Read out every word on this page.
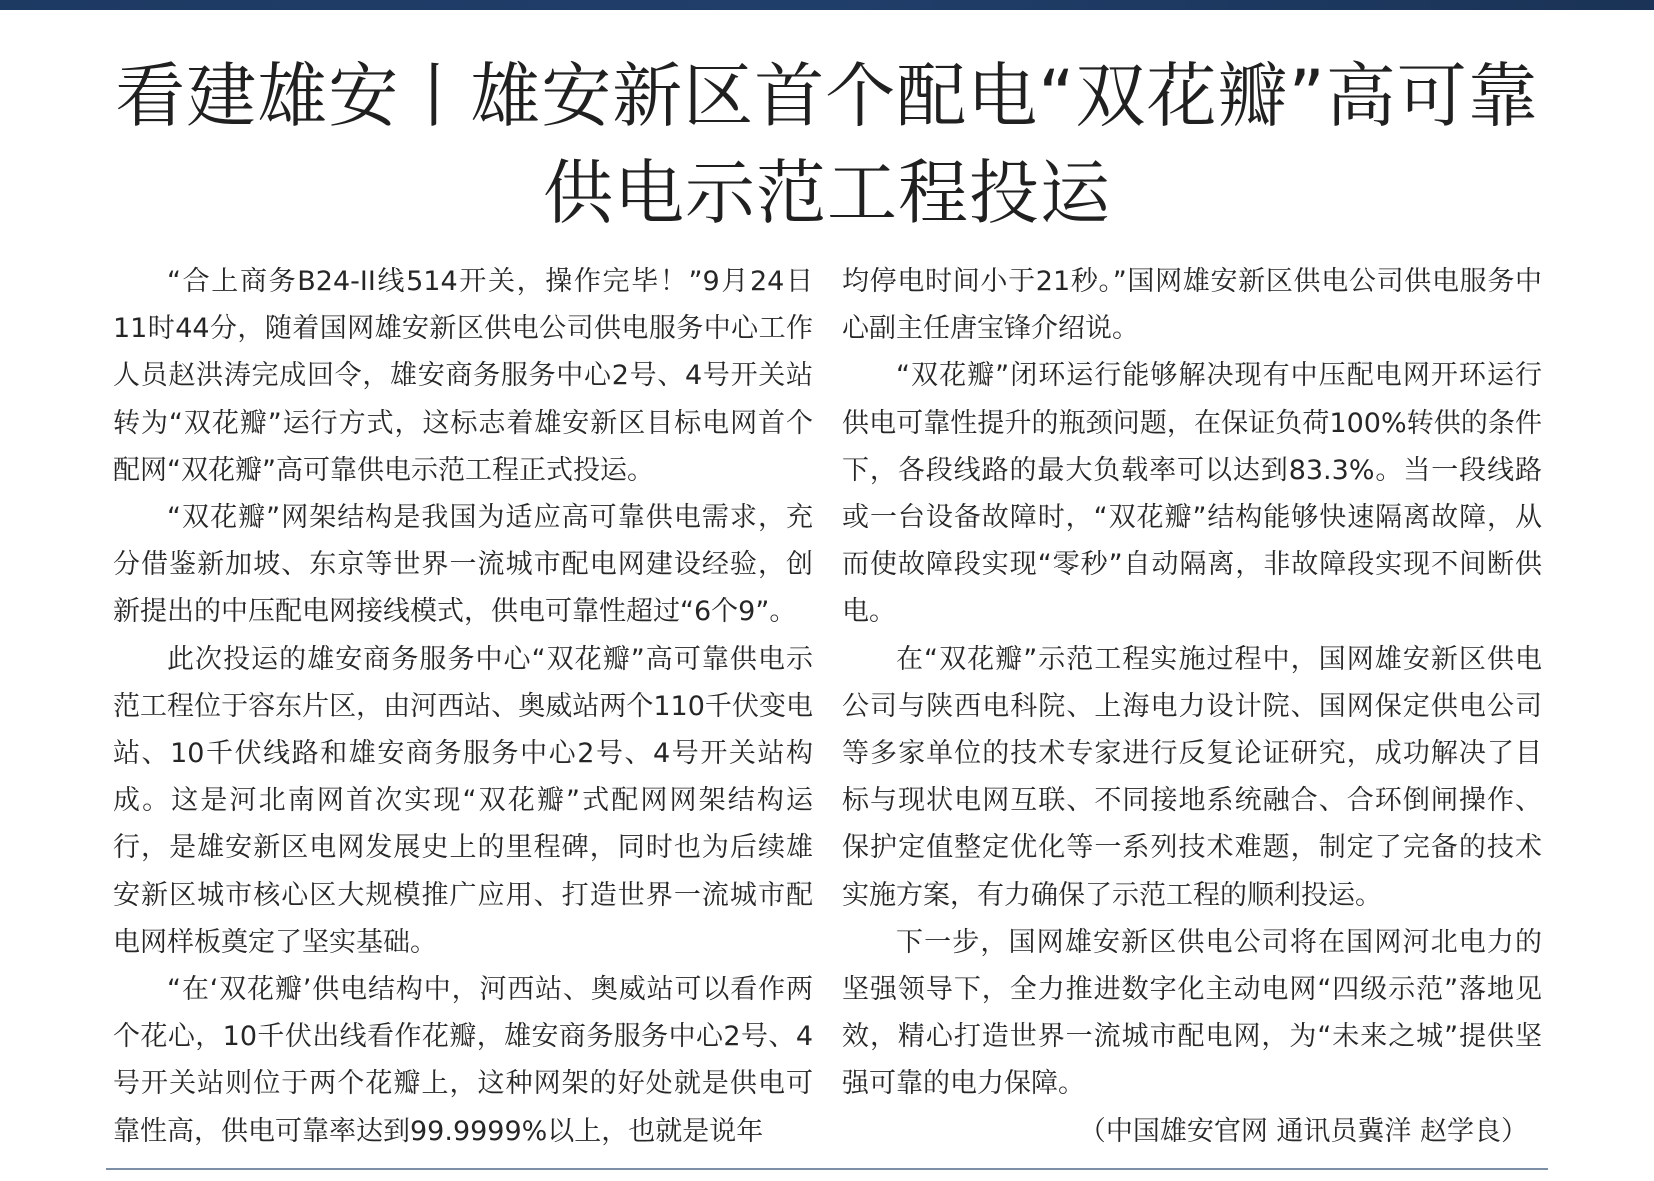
看建雄安丨雄安新区首个配电“双花瓣”高可靠
供电示范工程投运

“合上商务B24-II线514开关，操作完毕！”9月24日11时44分，随着国网雄安新区供电公司供电服务中心工作人员赵洪涛完成回令，雄安商务服务中心2号、4号开关站转为“双花瓣”运行方式，这标志着雄安新区目标电网首个配网“双花瓣”高可靠供电示范工程正式投运。

“双花瓣”网架结构是我国为适应高可靠供电需求，充分借鉴新加坡、东京等世界一流城市配电网建设经验，创新提出的中压配电网接线模式，供电可靠性超过“6个9”。

此次投运的雄安商务服务中心“双花瓣”高可靠供电示范工程位于容东片区，由河西站、奥威站两个110千伏变电站、10千伏线路和雄安商务服务中心2号、4号开关站构成。这是河北南网首次实现“双花瓣”式配网网架结构运行，是雄安新区电网发展史上的里程碑，同时也为后续雄安新区城市核心区大规模推广应用、打造世界一流城市配电网样板奠定了坚实基础。

“在‘双花瓣’供电结构中，河西站、奥威站可以看作两个花心，10千伏出线看作花瓣，雄安商务服务中心2号、4号开关站则位于两个花瓣上，这种网架的好处就是供电可靠性高，供电可靠率达到99.9999%以上，也就是说年

均停电时间小于21秒。”国网雄安新区供电公司供电服务中心副主任唐宝锋介绍说。

“双花瓣”闭环运行能够解决现有中压配电网开环运行供电可靠性提升的瓶颈问题，在保证负荷100%转供的条件下，各段线路的最大负载率可以达到83.3%。当一段线路或一台设备故障时，“双花瓣”结构能够快速隔离故障，从而使故障段实现“零秒”自动隔离，非故障段实现不间断供电。

在“双花瓣”示范工程实施过程中，国网雄安新区供电公司与陕西电科院、上海电力设计院、国网保定供电公司等多家单位的技术专家进行反复论证研究，成功解决了目标与现状电网互联、不同接地系统融合、合环倒闸操作、保护定值整定优化等一系列技术难题，制定了完备的技术实施方案，有力确保了示范工程的顺利投运。

下一步，国网雄安新区供电公司将在国网河北电力的坚强领导下，全力推进数字化主动电网“四级示范”落地见效，精心打造世界一流城市配电网，为“未来之城”提供坚强可靠的电力保障。

（中国雄安官网 通讯员冀洋 赵学良）
